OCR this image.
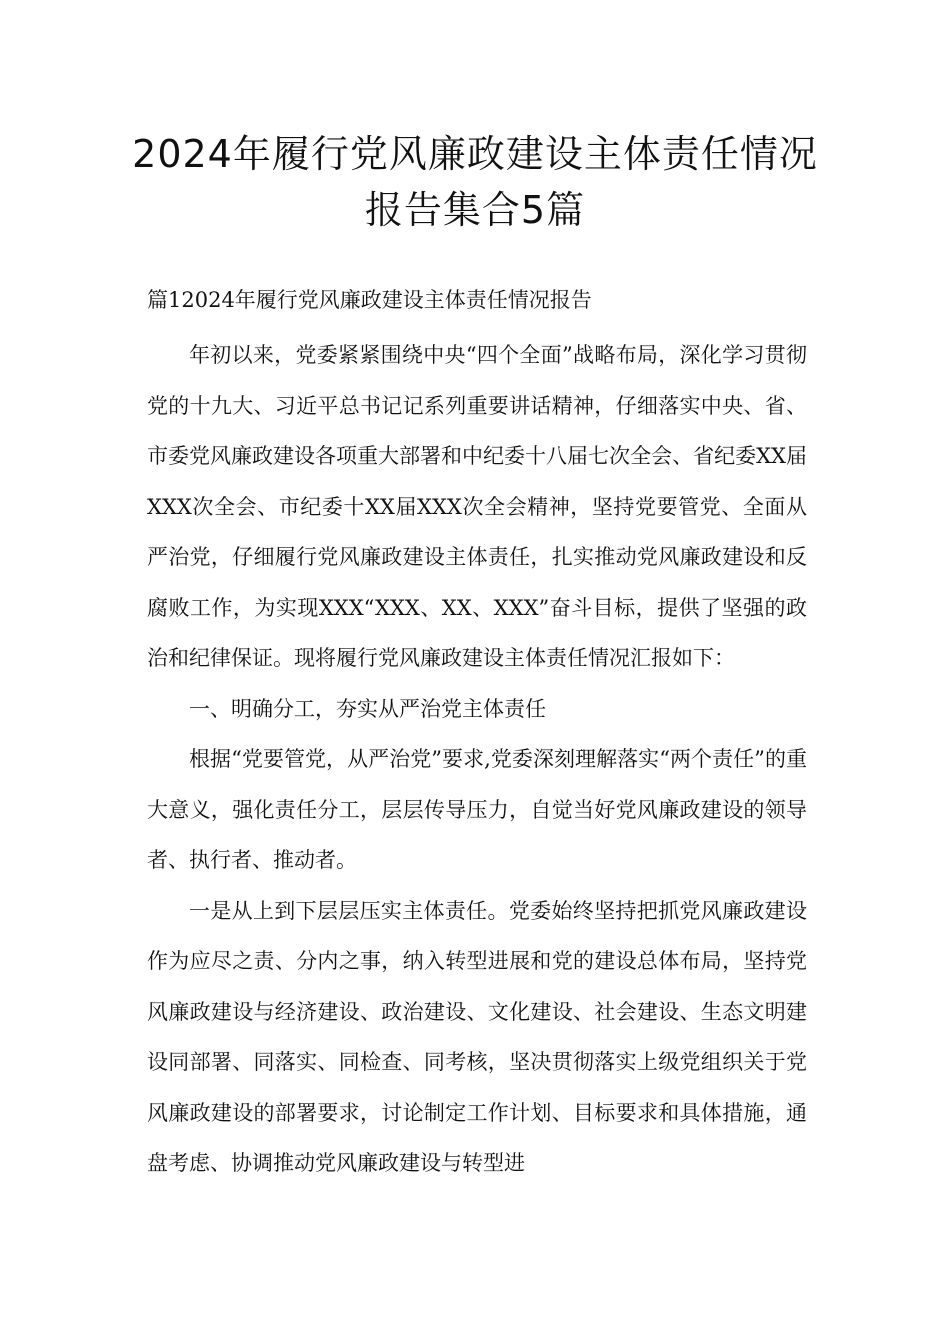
2024年履行党风廉政建设主体责任情况
报告集合5篇

篇12024年履行党风廉政建设主体责任情况报告

年初以来，党委紧紧围绕中央“四个全面”战略布局，深化学习贯彻党的十九大、习近平总书记记系列重要讲话精神，仔细落实中央、省、市委党风廉政建设各项重大部署和中纪委十八届七次全会、省纪委XX届XXX次全会、市纪委十XX届XXX次全会精神，坚持党要管党、全面从严治党，仔细履行党风廉政建设主体责任，扎实推动党风廉政建设和反腐败工作，为实现XXX“XXX、XX、XXX”奋斗目标，提供了坚强的政治和纪律保证。现将履行党风廉政建设主体责任情况汇报如下：

一、明确分工，夯实从严治党主体责任

根据“党要管党，从严治党”要求,党委深刻理解落实“两个责任”的重大意义，强化责任分工，层层传导压力，自觉当好党风廉政建设的领导者、执行者、推动者。

一是从上到下层层压实主体责任。党委始终坚持把抓党风廉政建设作为应尽之责、分内之事，纳入转型进展和党的建设总体布局，坚持党风廉政建设与经济建设、政治建设、文化建设、社会建设、生态文明建设同部署、同落实、同检查、同考核，坚决贯彻落实上级党组织关于党风廉政建设的部署要求，讨论制定工作计划、目标要求和具体措施，通盘考虑、协调推动党风廉政建设与转型进
